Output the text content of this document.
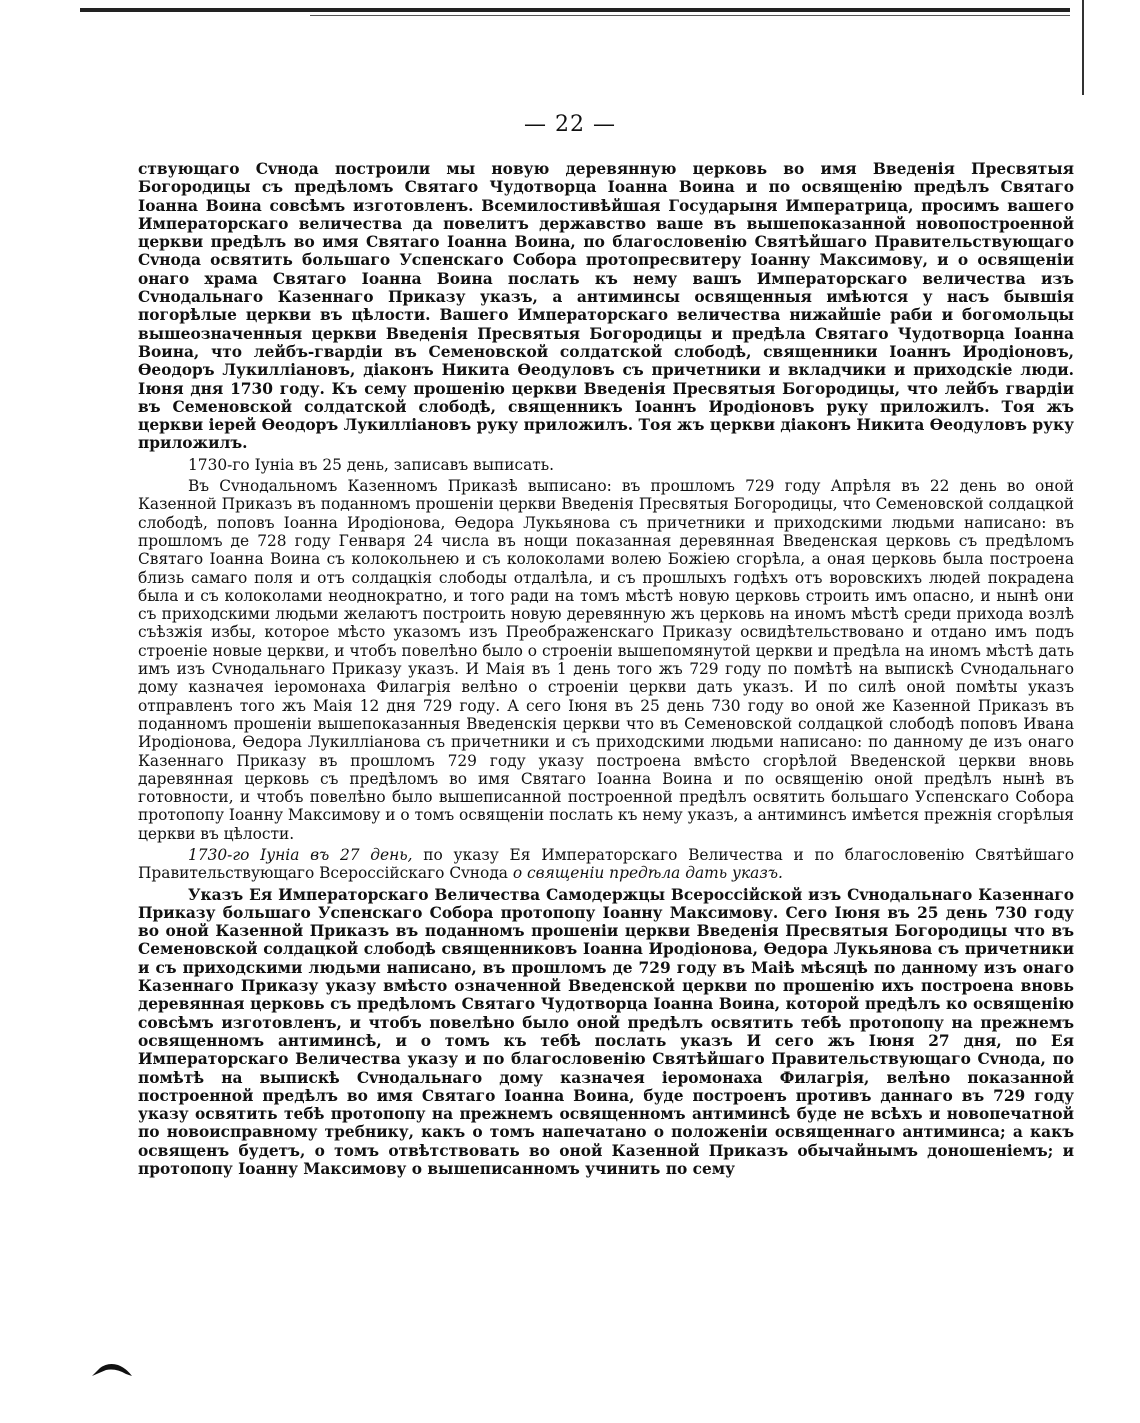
— 22 —

ствующаго Сvнода построили мы новую деревянную церковь во имя Введенія Пресвятыя Богородицы съ предѣломъ Святаго Чудотворца Іоанна Воина и по освященію предѣлъ Святаго Іоанна Воина совсѣмъ изготовленъ. Всемилостивѣйшая Государыня Императрица, просимъ вашего Императорскаго величества да повелитъ державство ваше въ вышепоказанной новопостроенной церкви предѣлъ во имя Святаго Іоанна Воина, по благословенію Святѣйшаго Правительствующаго Сvнода освятить большаго Успенскаго Собора протопресвитеру Іоанну Максимову, и о освященіи онаго храма Святаго Іоанна Воина послать къ нему вашъ Императорскаго величества изъ Сvнодальнаго Казеннаго Приказу указъ, а антиминсы освященныя имѣются у насъ бывшія погорѣлые церкви въ цѣлости. Вашего Императорскаго величества нижайшіе раби и богомольцы вышеозначенныя церкви Введенія Пресвятыя Богородицы и предѣла Святаго Чудотворца Іоанна Воина, что лейбъ-гвардіи въ Семеновской солдатской слободѣ, священники Іоаннъ Иродіоновъ, Ѳеодоръ Лукилліановъ, діаконъ Никита Ѳеодуловъ съ причетники и вкладчики и приходскіе люди. Іюня дня 1730 году. Къ сему прошенію церкви Введенія Пресвятыя Богородицы, что лейбъ гвардіи въ Семеновской солдатской слободѣ, священникъ Іоаннъ Иродіоновъ руку приложилъ. Тоя жъ церкви іерей Ѳеодоръ Лукилліановъ руку приложилъ. Тоя жъ церкви діаконъ Никита Ѳеодуловъ руку приложилъ.

1730-го Іуніа въ 25 день, записавъ выписать.

Въ Сvнодальномъ Казенномъ Приказѣ выписано: въ прошломъ 729 году Апрѣля въ 22 день во оной Казенной Приказъ въ поданномъ прошеніи церкви Введенія Пресвятыя Богородицы, что Семеновской солдацкой слободѣ, поповъ Іоанна Иродіонова, Ѳедора Лукьянова съ причетники и приходскими людьми написано: въ прошломъ де 728 году Генваря 24 числа въ нощи показанная деревянная Введенская церковь съ предѣломъ Святаго Іоанна Воина съ колокольнею и съ колоколами волею Божіею сгорѣла, а оная церковь была построена близь самаго поля и отъ солдацкія слободы отдалѣла, и съ прошлыхъ годѣхъ отъ воровскихъ людей покрадена была и съ колоколами неоднократно, и того ради на томъ мѣстѣ новую церковь строить имъ опасно, и нынѣ они съ приходскими людьми желаютъ построить новую деревянную жъ церковь на иномъ мѣстѣ среди прихода возлѣ съѣзжія избы, которое мѣсто указомъ изъ Преображенскаго Приказу освидѣтельствовано и отдано имъ подъ строеніе новые церкви, и чтобъ повелѣно было о строеніи вышепомянутой церкви и предѣла на иномъ мѣстѣ дать имъ изъ Сvнодальнаго Приказу указъ. И Маія въ 1 день того жъ 729 году по помѣтѣ на выпискѣ Сvнодальнаго дому казначея іеромонаха Филагрія велѣно о строеніи церкви дать указъ. И по силѣ оной помѣты указъ отправленъ того жъ Маія 12 дня 729 году. А сего Іюня въ 25 день 730 году во оной же Казенной Приказъ въ поданномъ прошеніи вышепоказанныя Введенскія церкви что въ Семеновской солдацкой слободѣ поповъ Ивана Иродіонова, Ѳедора Лукилліанова съ причетники и съ приходскими людьми написано: по данному де изъ онаго Казеннаго Приказу въ прошломъ 729 году указу построена вмѣсто сгорѣлой Введенской церкви вновь даревянная церковь съ предѣломъ во имя Святаго Іоанна Воина и по освященію оной предѣлъ нынѣ въ готовности, и чтобъ повелѣно было вышеписанной построенной предѣлъ освятить большаго Успенскаго Собора протопопу Іоанну Максимову и о томъ освященіи послать къ нему указъ, а антиминсъ имѣется прежнія сгорѣлыя церкви въ цѣлости.

1730-го Іуніа въ 27 день, по указу Ея Императорскаго Величества и по благословенію Святѣйшаго Правительствующаго Всероссійскаго Сvнода о священіи предѣла дать указъ.

Указъ Ея Императорскаго Величества Самодержцы Всероссійской изъ Сvнодальнаго Казеннаго Приказу большаго Успенскаго Собора протопопу Іоанну Максимову. Сего Іюня въ 25 день 730 году во оной Казенной Приказъ въ поданномъ прошеніи церкви Введенія Пресвятыя Богородицы что въ Семеновской солдацкой слободѣ священниковъ Іоанна Иродіонова, Ѳедора Лукьянова съ причетники и съ приходскими людьми написано, въ прошломъ де 729 году въ Маіѣ мѣсяцѣ по данному изъ онаго Казеннаго Приказу указу вмѣсто означенной Введенской церкви по прошенію ихъ построена вновь деревянная церковь съ предѣломъ Святаго Чудотворца Іоанна Воина, которой предѣлъ ко освященію совсѣмъ изготовленъ, и чтобъ повелѣно было оной предѣлъ освятить тебѣ протопопу на прежнемъ освященномъ антиминсѣ, и о томъ къ тебѣ послать указъ И сего жъ Іюня 27 дня, по Ея Императорскаго Величества указу и по благословенію Святѣйшаго Правительствующаго Сvнода, по помѣтѣ на выпискѣ Сvнодальнаго дому казначея іеромонаха Филагрія, велѣно показанной построенной предѣлъ во имя Святаго Іоанна Воина, буде построенъ противъ даннаго въ 729 году указу освятить тебѣ протопопу на прежнемъ освященномъ антиминсѣ буде не всѣхъ и новопечатной по новоисправному требнику, какъ о томъ напечатано о положеніи освященнаго антиминса; а какъ освященъ будетъ, о томъ отвѣтствовать во оной Казенной Приказъ обычайнымъ доношеніемъ; и протопопу Іоанну Максимову о вышеписанномъ учинить по сему
